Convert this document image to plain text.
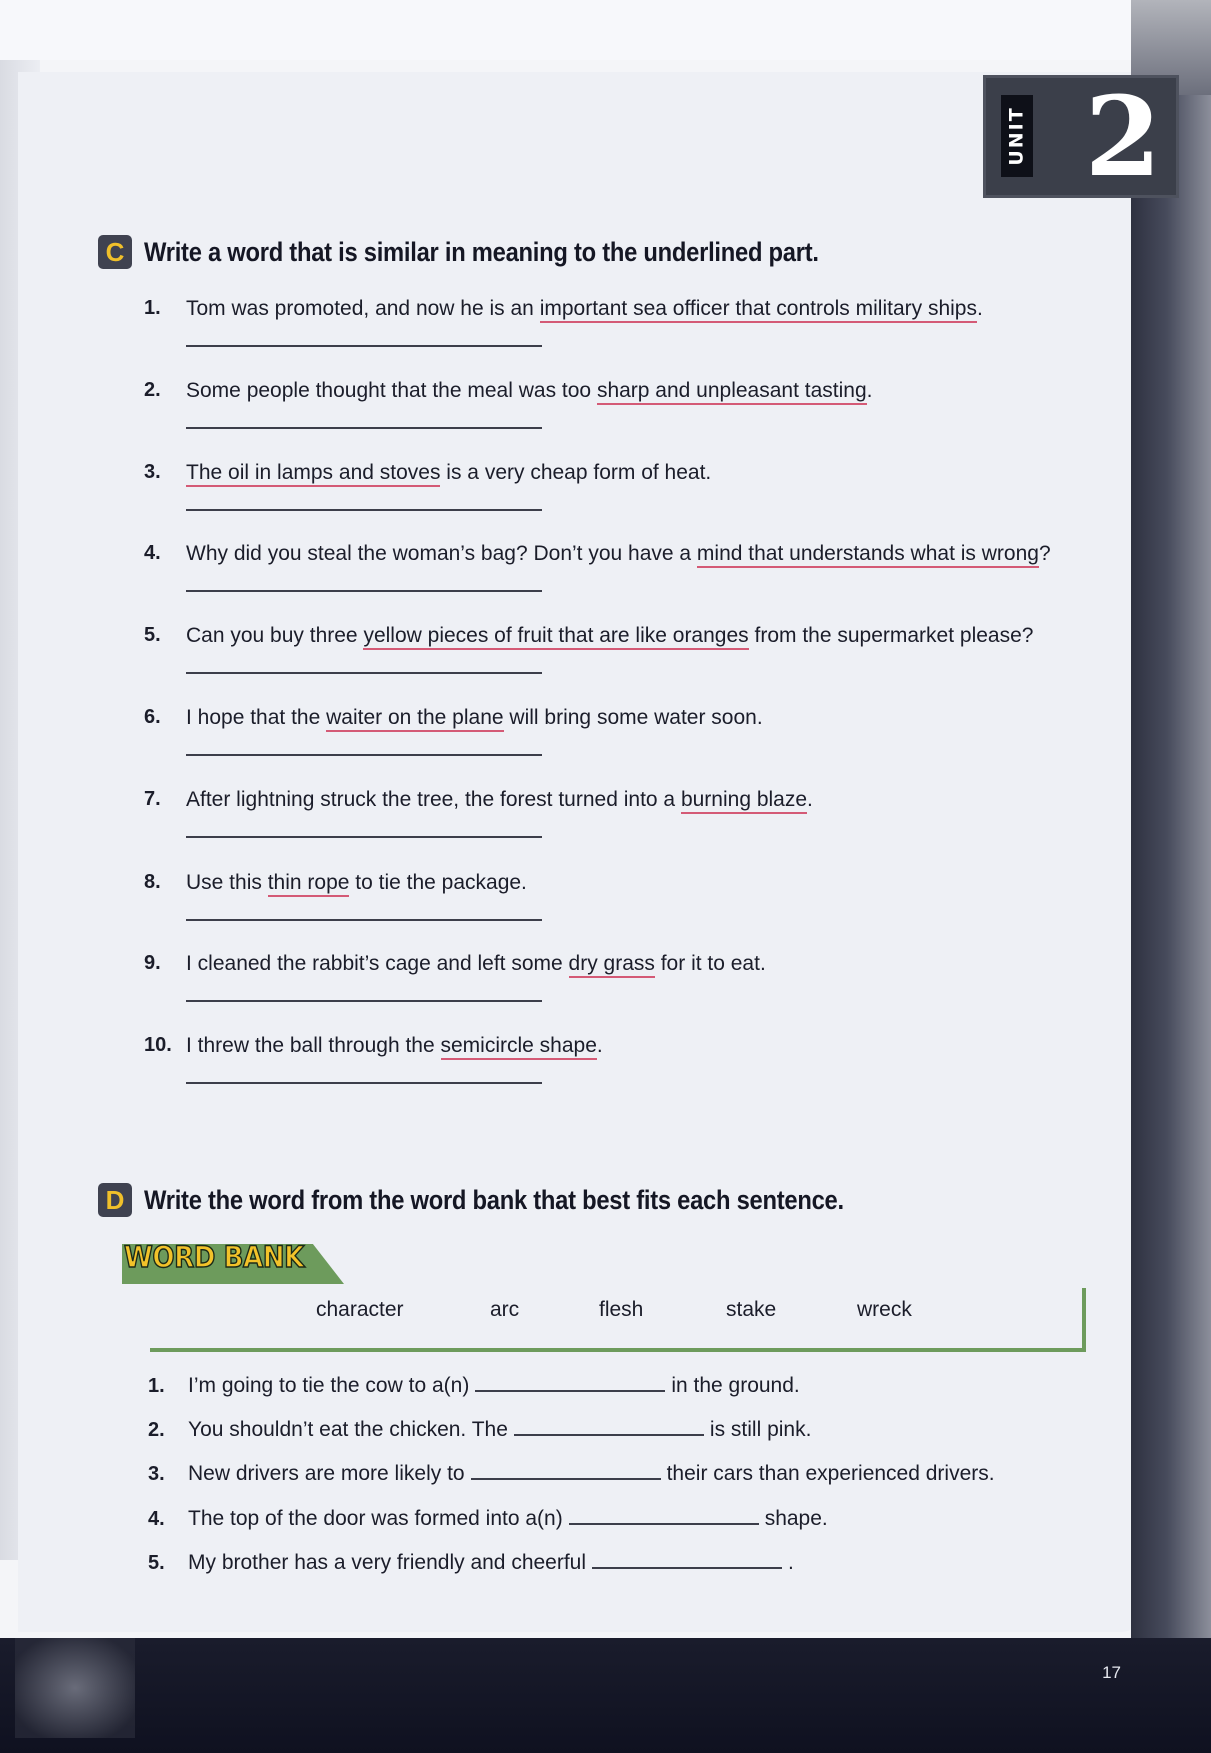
17
UNIT 2
C Write a word that is similar in meaning to the underlined part.
1.	Tom was promoted, and now he is an important sea officer that controls military ships.
2.	Some people thought that the meal was too sharp and unpleasant tasting.
3.	The oil in lamps and stoves is a very cheap form of heat.
4.	Why did you steal the woman’s bag? Don’t you have a mind that understands what is wrong?
5.	Can you buy three yellow pieces of fruit that are like oranges from the supermarket please?
6.	I hope that the waiter on the plane will bring some water soon.
7.	After lightning struck the tree, the forest turned into a burning blaze.
8.	Use this thin rope to tie the package.
9.	I cleaned the rabbit’s cage and left some dry grass for it to eat.
10. I threw the ball through the semicircle shape.
D Write the word from the word bank that best fits each sentence.
WORD BANK
character	arc	flesh	stake	wreck
1.	I’m going to tie the cow to a(n)	in the ground.
2.	You shouldn’t eat the chicken. The	is still pink.
3.	New drivers are more likely to	their cars than experienced drivers.
4.	The top of the door was formed into a(n)	shape.
5.	My brother has a very friendly and cheerful	.
